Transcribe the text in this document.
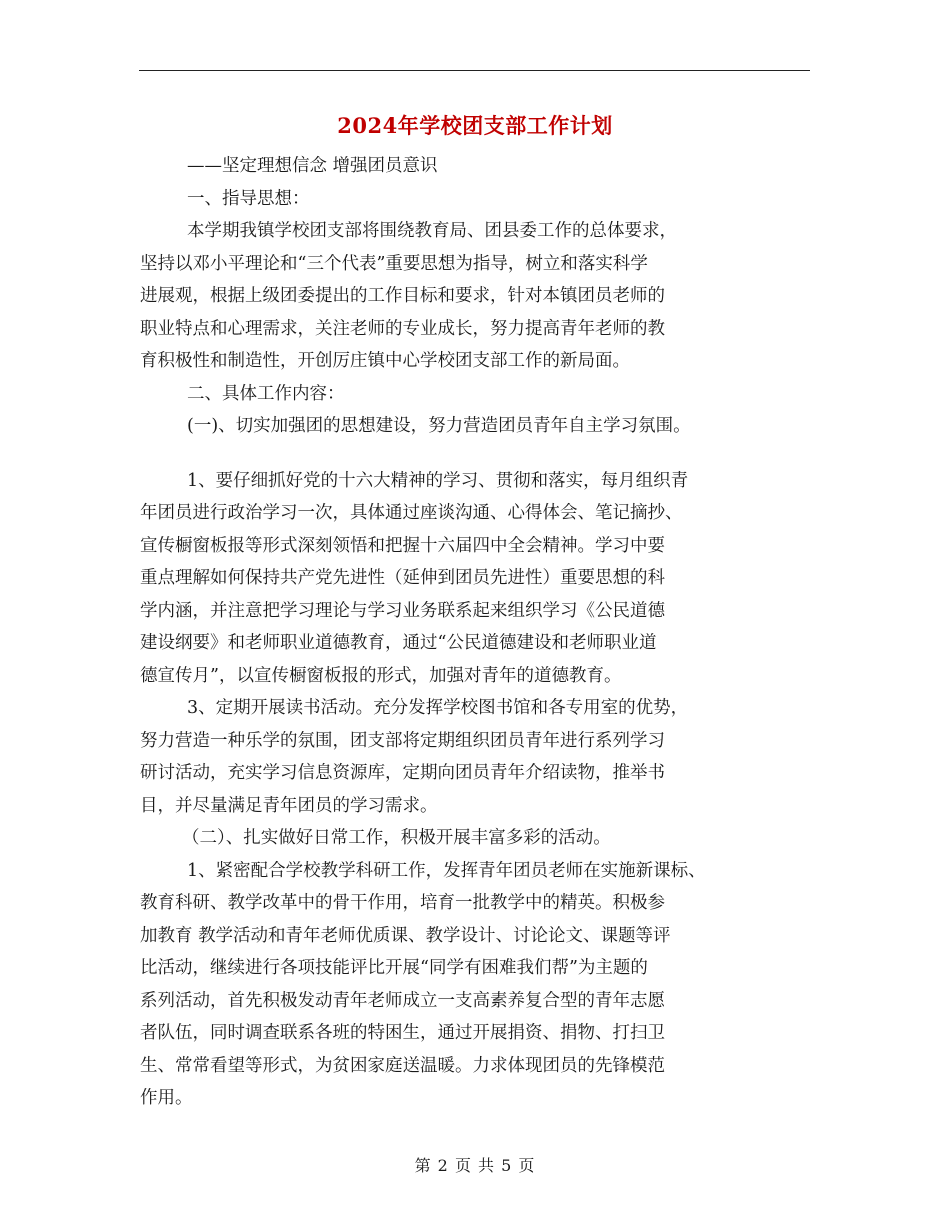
2024年学校团支部工作计划
——坚定理想信念 增强团员意识
一、指导思想：
本学期我镇学校团支部将围绕教育局、团县委工作的总体要求，
坚持以邓小平理论和“三个代表”重要思想为指导，树立和落实科学
进展观，根据上级团委提出的工作目标和要求，针对本镇团员老师的
职业特点和心理需求，关注老师的专业成长，努力提高青年老师的教
育积极性和制造性，开创厉庄镇中心学校团支部工作的新局面。
二、具体工作内容：
(一)、切实加强团的思想建设，努力营造团员青年自主学习氛围。
1、要仔细抓好党的十六大精神的学习、贯彻和落实，每月组织青
年团员进行政治学习一次，具体通过座谈沟通、心得体会、笔记摘抄、
宣传橱窗板报等形式深刻领悟和把握十六届四中全会精神。学习中要
重点理解如何保持共产党先进性（延伸到团员先进性）重要思想的科
学内涵，并注意把学习理论与学习业务联系起来组织学习《公民道德
建设纲要》和老师职业道德教育，通过“公民道德建设和老师职业道
德宣传月”，以宣传橱窗板报的形式，加强对青年的道德教育。
3、定期开展读书活动。充分发挥学校图书馆和各专用室的优势，
努力营造一种乐学的氛围，团支部将定期组织团员青年进行系列学习
研讨活动，充实学习信息资源库，定期向团员青年介绍读物，推举书
目，并尽量满足青年团员的学习需求。
（二）、扎实做好日常工作，积极开展丰富多彩的活动。
1、紧密配合学校教学科研工作，发挥青年团员老师在实施新课标、
教育科研、教学改革中的骨干作用，培育一批教学中的精英。积极参
加教育 教学活动和青年老师优质课、教学设计、讨论论文、课题等评
比活动，继续进行各项技能评比开展“同学有困难我们帮”为主题的
系列活动，首先积极发动青年老师成立一支高素养复合型的青年志愿
者队伍，同时调查联系各班的特困生，通过开展捐资、捐物、打扫卫
生、常常看望等形式，为贫困家庭送温暖。力求体现团员的先锋模范
作用。
第 2 页 共 5 页
